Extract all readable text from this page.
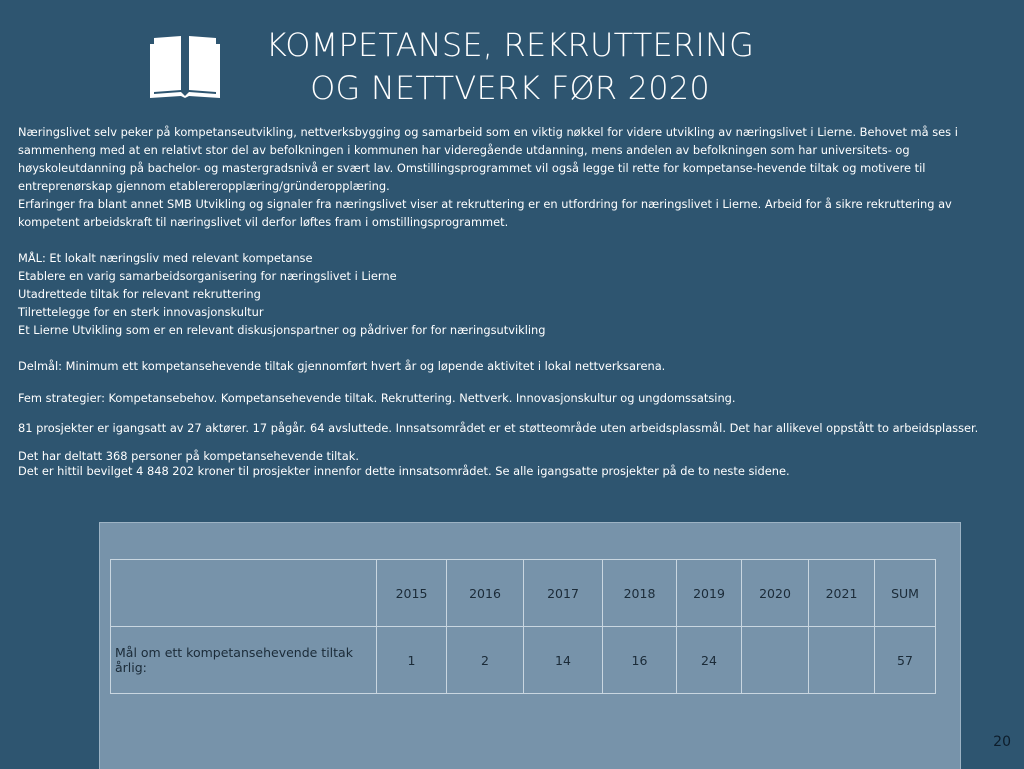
KOMPETANSE, REKRUTTERING
OG NETTVERK FØR 2020

Næringslivet selv peker på kompetanseutvikling, nettverksbygging og samarbeid som en viktig nøkkel for videre utvikling av næringslivet i Lierne. Behovet må ses i sammenheng med at en relativt stor del av befolkningen i kommunen har videregående utdanning, mens andelen av befolkningen som har universitets- og høyskoleutdanning på bachelor- og mastergradsnivå er svært lav. Omstillingsprogrammet vil også legge til rette for kompetanse-hevende tiltak og motivere til entreprenørskap gjennom etablereropplæring/gründeropplæring.

Erfaringer fra blant annet SMB Utvikling og signaler fra næringslivet viser at rekruttering er en utfordring for næringslivet i Lierne. Arbeid for å sikre rekruttering av kompetent arbeidskraft til næringslivet vil derfor løftes fram i omstillingsprogrammet.

MÅL: Et lokalt næringsliv med relevant kompetanse

Etablere en varig samarbeidsorganisering for næringslivet i Lierne

Utadrettede tiltak for relevant rekruttering

Tilrettelegge for en sterk innovasjonskultur

Et Lierne Utvikling som er en relevant diskusjonspartner og pådriver for for næringsutvikling

Delmål: Minimum ett kompetansehevende tiltak gjennomført hvert år og løpende aktivitet i lokal nettverksarena.

Fem strategier: Kompetansebehov. Kompetansehevende tiltak. Rekruttering. Nettverk. Innovasjonskultur og ungdomssatsing.

81 prosjekter er igangsatt av 27 aktører. 17 pågår. 64 avsluttede. Innsatsområdet er et støtteområde uten arbeidsplassmål. Det har allikevel oppstått to arbeidsplasser.

Det har deltatt 368 personer på kompetansehevende tiltak.

Det er hittil bevilget 4 848 202 kroner til prosjekter innenfor dette innsatsområdet. Se alle igangsatte prosjekter på de to neste sidene.

	2015	2016	2017	2018	2019	2020	2021	SUM
Mål om ett kompetansehevende tiltak årlig:	1	2	14	16	24			57
20
